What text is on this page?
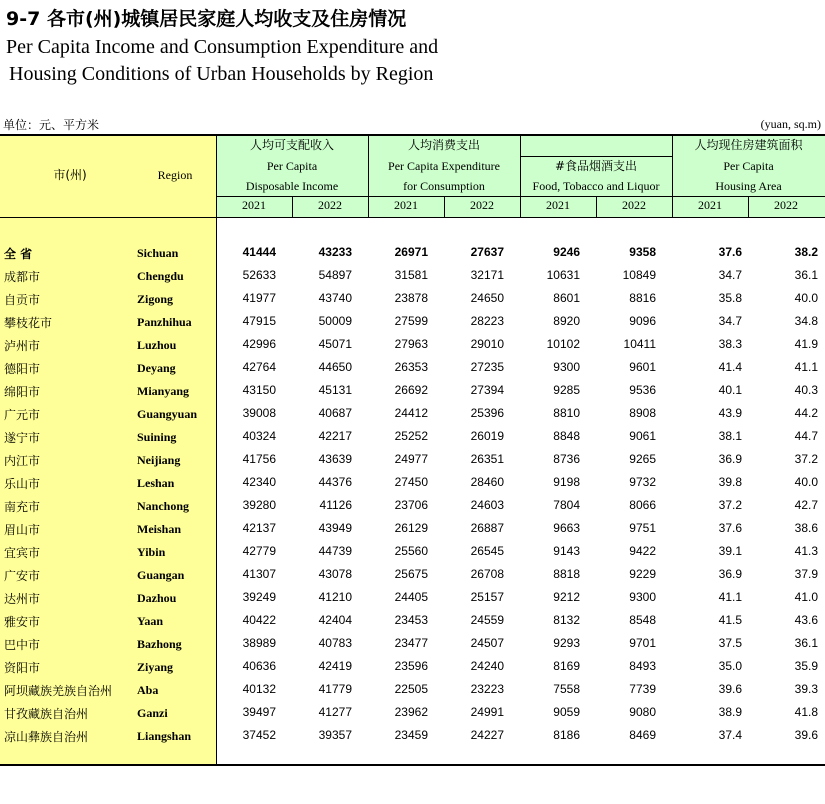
9-7 各市(州)城镇居民家庭人均收支及住房情况
Per Capita Income and Consumption Expenditure and
Housing Conditions of Urban Households by Region
单位：元、平方米	(yuan, sq.m)
市(州)	Region
人均可支配收入
Per Capita
Disposable Income
人均消费支出
Per Capita Expenditure
for Consumption
#食品烟酒支出
Food, Tobacco and Liquor
人均现住房建筑面积
Per Capita
Housing Area
2021	2022	2021	2022	2021	2022	2021	2022
全 省	Sichuan	41444	43233	26971	27637	9246	9358	37.6	38.2
成都市	Chengdu	52633	54897	31581	32171	10631	10849	34.7	36.1
自贡市	Zigong	41977	43740	23878	24650	8601	8816	35.8	40.0
攀枝花市	Panzhihua	47915	50009	27599	28223	8920	9096	34.7	34.8
泸州市	Luzhou	42996	45071	27963	29010	10102	10411	38.3	41.9
德阳市	Deyang	42764	44650	26353	27235	9300	9601	41.4	41.1
绵阳市	Mianyang	43150	45131	26692	27394	9285	9536	40.1	40.3
广元市	Guangyuan	39008	40687	24412	25396	8810	8908	43.9	44.2
遂宁市	Suining	40324	42217	25252	26019	8848	9061	38.1	44.7
内江市	Neijiang	41756	43639	24977	26351	8736	9265	36.9	37.2
乐山市	Leshan	42340	44376	27450	28460	9198	9732	39.8	40.0
南充市	Nanchong	39280	41126	23706	24603	7804	8066	37.2	42.7
眉山市	Meishan	42137	43949	26129	26887	9663	9751	37.6	38.6
宜宾市	Yibin	42779	44739	25560	26545	9143	9422	39.1	41.3
广安市	Guangan	41307	43078	25675	26708	8818	9229	36.9	37.9
达州市	Dazhou	39249	41210	24405	25157	9212	9300	41.1	41.0
雅安市	Yaan	40422	42404	23453	24559	8132	8548	41.5	43.6
巴中市	Bazhong	38989	40783	23477	24507	9293	9701	37.5	36.1
资阳市	Ziyang	40636	42419	23596	24240	8169	8493	35.0	35.9
阿坝藏族羌族自治州 Aba	40132	41779	22505	23223	7558	7739	39.6	39.3
甘孜藏族自治州	Ganzi	39497	41277	23962	24991	9059	9080	38.9	41.8
凉山彝族自治州	Liangshan	37452	39357	23459	24227	8186	8469	37.4	39.6
